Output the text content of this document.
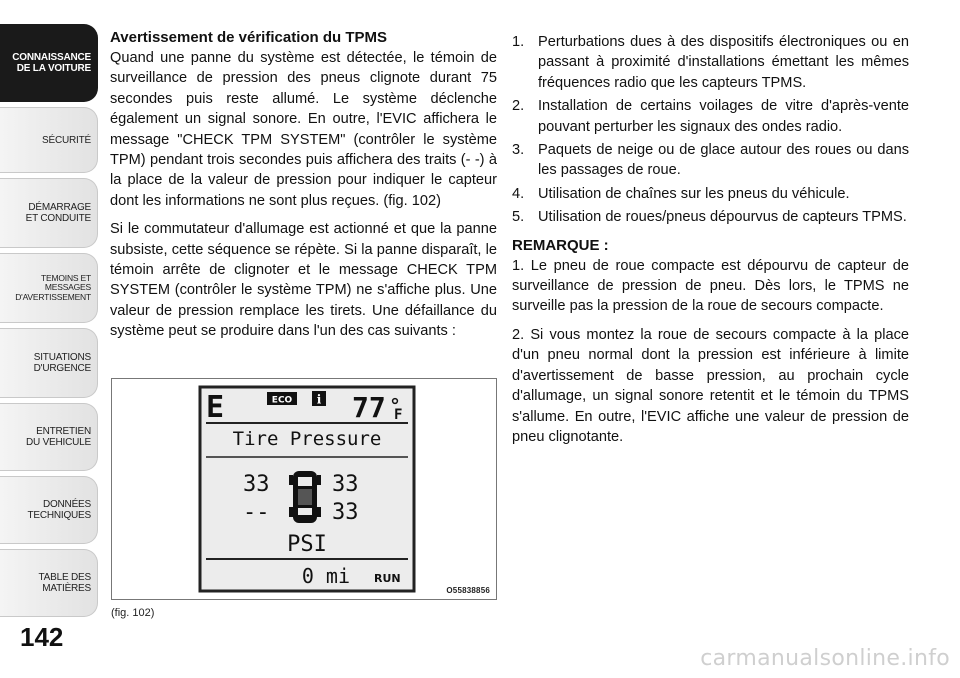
CONNAISSANCE
DE LA VOITURE
SÉCURITÉ
DÉMARRAGE
ET CONDUITE
TEMOINS ET
MESSAGES
D'AVERTISSEMENT
SITUATIONS
D'URGENCE
ENTRETIEN
DU VEHICULE
DONNÉES
TECHNIQUES
TABLE DES
MATIÈRES
142
Avertissement de vérification du TPMS

Quand une panne du système est détectée, le témoin de surveillance de pression des pneus clignote durant 75 secondes puis reste allumé. Le système déclenche également un signal sonore. En outre, l'EVIC affichera le message "CHECK TPM SYSTEM" (contrôler le système TPM) pendant trois secondes puis affichera des traits (- -) à la place de la valeur de pression pour indiquer le capteur dont les informations ne sont plus reçues. (fig. 102)

Si le commutateur d'allumage est actionné et que la panne subsiste, cette séquence se répète. Si la panne disparaît, le témoin arrête de clignoter et le message CHECK TPM SYSTEM (contrôler le système TPM) ne s'affiche plus. Une valeur de pression remplace les tirets. Une défaillance du système peut se produire dans l'un des cas suivants :

E	ECO i 77 F
Tire Pressure
33	33
--	33
PSI
0 mi RUN
O55838856
(fig. 102)
1. Perturbations dues à des dispositifs électroniques ou en passant à proximité d'installations émettant les mêmes fréquences radio que les capteurs TPMS.
2. Installation de certains voilages de vitre d'après-vente pouvant perturber les signaux des ondes radio.
3. Paquets de neige ou de glace autour des roues ou dans les passages de roue.
4. Utilisation de chaînes sur les pneus du véhicule.
5. Utilisation de roues/pneus dépourvus de capteurs TPMS.
REMARQUE :

1. Le pneu de roue compacte est dépourvu de capteur de surveillance de pression de pneu. Dès lors, le TPMS ne surveille pas la pression de la roue de secours compacte.

2. Si vous montez la roue de secours compacte à la place d'un pneu normal dont la pression est inférieure à limite d'avertissement de basse pression, au prochain cycle d'allumage, un signal sonore retentit et le témoin du TPMS s'allume. En outre, l'EVIC affiche une valeur de pression de pneu clignotante.

carmanualsonline.info
